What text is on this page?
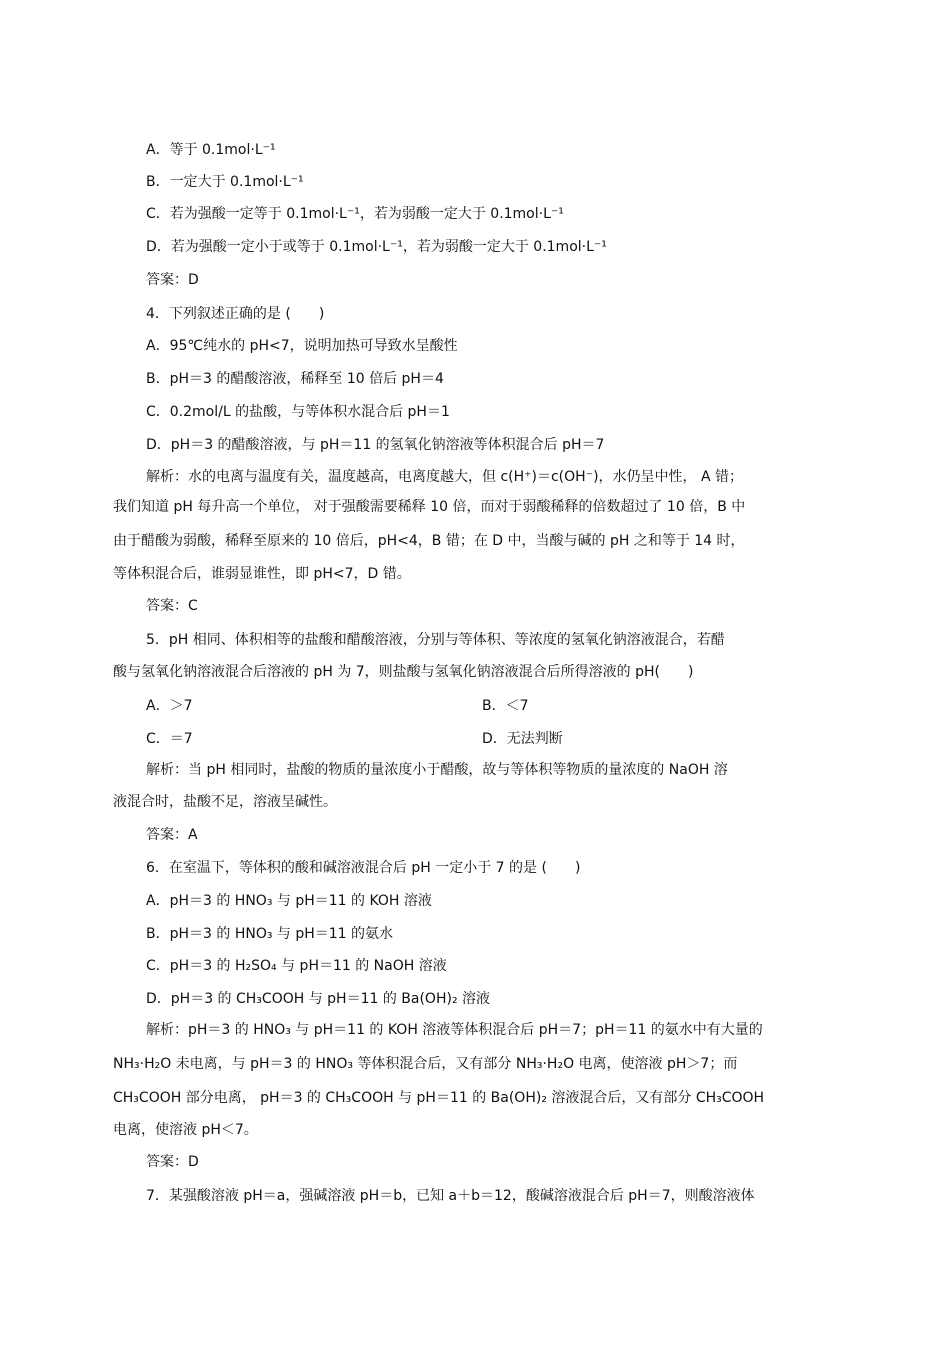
A．等于 0.1mol·L⁻¹
B．一定大于 0.1mol·L⁻¹
C．若为强酸一定等于 0.1mol·L⁻¹，若为弱酸一定大于 0.1mol·L⁻¹
D．若为强酸一定小于或等于 0.1mol·L⁻¹，若为弱酸一定大于 0.1mol·L⁻¹
答案：D
4．下列叙述正确的是 (　　)
A．95℃纯水的 pH<7，说明加热可导致水呈酸性
B．pH＝3 的醋酸溶液，稀释至 10 倍后 pH＝4
C．0.2mol/L 的盐酸，与等体积水混合后 pH＝1
D．pH＝3 的醋酸溶液，与 pH＝11 的氢氧化钠溶液等体积混合后 pH＝7
解析：水的电离与温度有关，温度越高，电离度越大，但 c(H⁺)＝c(OH⁻)，水仍呈中性， A 错；
我们知道 pH 每升高一个单位， 对于强酸需要稀释 10 倍，而对于弱酸稀释的倍数超过了 10 倍，B 中
由于醋酸为弱酸，稀释至原来的 10 倍后，pH<4，B 错；在 D 中，当酸与碱的 pH 之和等于 14 时，
等体积混合后，谁弱显谁性，即 pH<7，D 错。
答案：C
5．pH 相同、体积相等的盐酸和醋酸溶液，分别与等体积、等浓度的氢氧化钠溶液混合，若醋
酸与氢氧化钠溶液混合后溶液的 pH 为 7，则盐酸与氢氧化钠溶液混合后所得溶液的 pH(　　)
A．＞7	B．＜7
C．＝7	D．无法判断
解析：当 pH 相同时，盐酸的物质的量浓度小于醋酸，故与等体积等物质的量浓度的 NaOH 溶
液混合时，盐酸不足，溶液呈碱性。
答案：A
6．在室温下，等体积的酸和碱溶液混合后 pH 一定小于 7 的是 (　　)
A．pH＝3 的 HNO₃ 与 pH＝11 的 KOH 溶液
B．pH＝3 的 HNO₃ 与 pH＝11 的氨水
C．pH＝3 的 H₂SO₄ 与 pH＝11 的 NaOH 溶液
D．pH＝3 的 CH₃COOH 与 pH＝11 的 Ba(OH)₂ 溶液
解析：pH＝3 的 HNO₃ 与 pH＝11 的 KOH 溶液等体积混合后 pH＝7；pH＝11 的氨水中有大量的
NH₃·H₂O 未电离，与 pH＝3 的 HNO₃ 等体积混合后，又有部分 NH₃·H₂O 电离，使溶液 pH＞7；而
CH₃COOH 部分电离， pH＝3 的 CH₃COOH 与 pH＝11 的 Ba(OH)₂ 溶液混合后，又有部分 CH₃COOH
电离，使溶液 pH＜7。
答案：D
7．某强酸溶液 pH＝a，强碱溶液 pH＝b，已知 a＋b＝12，酸碱溶液混合后 pH＝7，则酸溶液体
